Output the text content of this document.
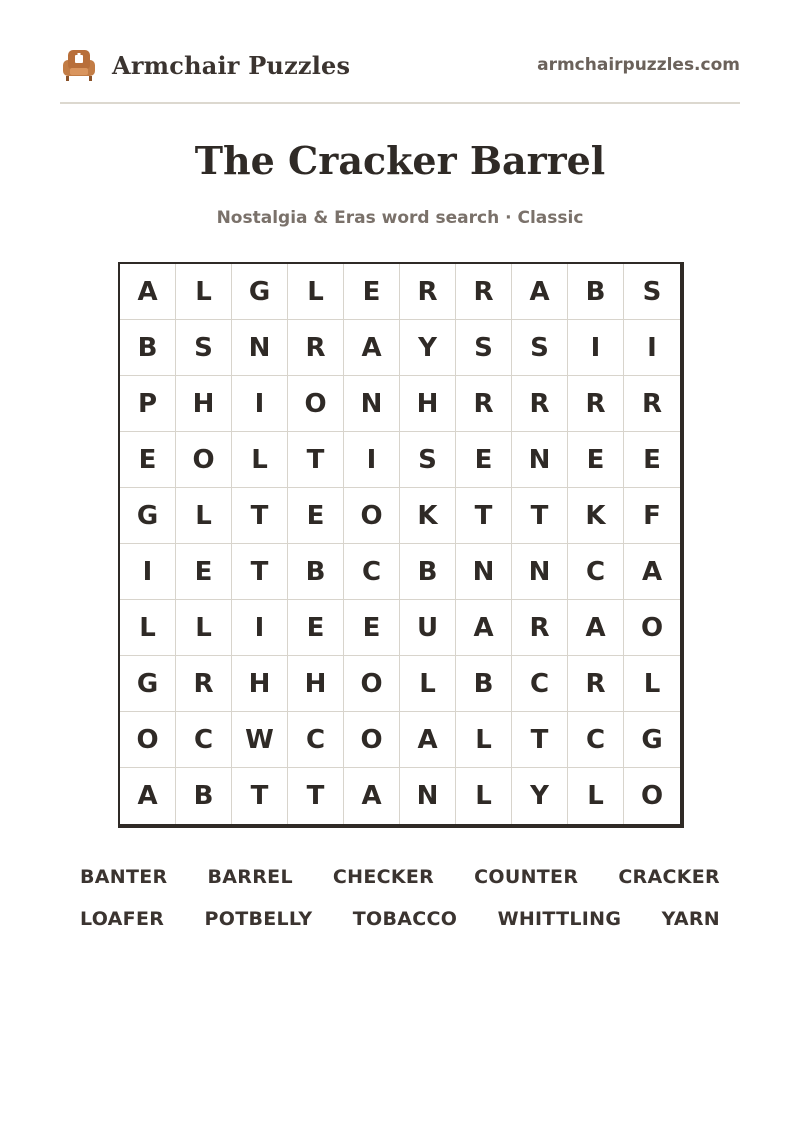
Armchair Puzzles	armchairpuzzles.com
The Cracker Barrel
Nostalgia & Eras word search · Classic
A	L	G	L	E	R	R	A	B	S
B	S	N	R	A	Y	S	S	I	I
P	H	I	O	N	H	R	R	R	R
E	O	L	T	I	S	E	N	E	E
G	L	T	E	O	K	T	T	K	F
I	E	T	B	C	B	N	N	C	A
L	L	I	E	E	U	A	R	A	O
G	R	H	H	O	L	B	C	R	L
O	C	W	C	O	A	L	T	C	G
A	B	T	T	A	N	L	Y	L	O
BANTER BARREL CHECKER COUNTER CRACKER
LOAFER POTBELLY TOBACCO WHITTLING YARN
